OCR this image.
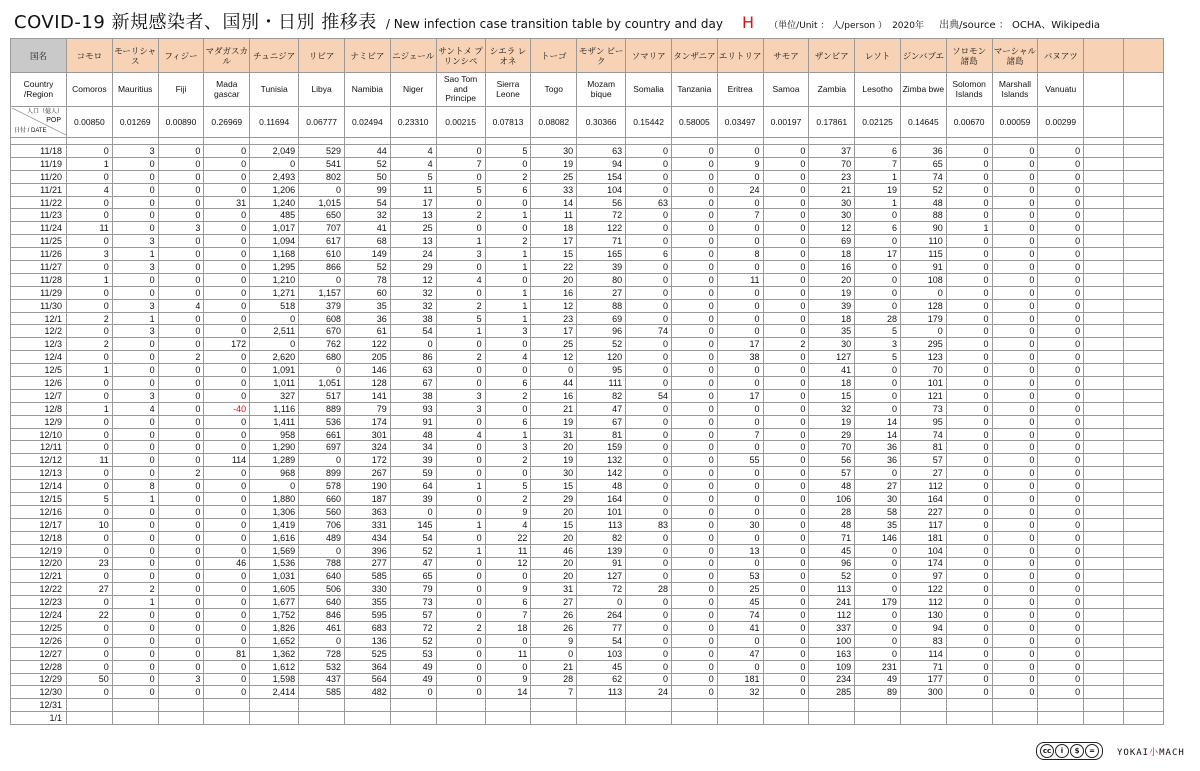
COVID-19 新規感染者、国別・日別 推移表 / New infection case transition table by country and day H （単位/Unit ： 人/person ） 2020年 出典/source ： OCHA、Wikipedia
国名	コモロ	モーリシャス	フィジー	マダガスカル	チュニジア	リビア	ナミビア	ニジェール	サントメ プリンシペ	シエラ レオネ	トーゴ	モザン ビーク	ソマリア	タンザニア	エリトリア	サモア	ザンビア	レソト	ジンバブエ	ソロモン 諸島	マーシャル 諸島	バヌアツ		
Country /Region	Comoros	Mauritius	Fiji	Mada gascar	Tunisia	Libya	Namibia	Niger	Sao Tom and Principe	Sierra Leone	Togo	Mozam bique	Somalia	Tanzania	Eritrea	Samoa	Zambia	Lesotho	Zimba bwe	Solomon Islands	Marshall Islands	Vanuatu		

人口（億人）
POP
日付 / DATE	0.00850	0.01269	0.00890	0.26969	0.11694	0.06777	0.02494	0.23310	0.00215	0.07813	0.08082	0.30366	0.15442	0.58005	0.03497	0.00197	0.17861	0.02125	0.14645	0.00670	0.00059	0.00299		

11/18	0	3	0	0	2,049	529	44	4	0	5	30	63	0	0	0	0	37	6	36	0	0	0		
11/19	1	0	0	0	0	541	52	4	7	0	19	94	0	0	9	0	70	7	65	0	0	0		
11/20	0	0	0	0	2,493	802	50	5	0	2	25	154	0	0	0	0	23	1	74	0	0	0		
11/21	4	0	0	0	1,206	0	99	11	5	6	33	104	0	0	24	0	21	19	52	0	0	0		
11/22	0	0	0	31	1,240	1,015	54	17	0	0	14	56	63	0	0	0	30	1	48	0	0	0		
11/23	0	0	0	0	485	650	32	13	2	1	11	72	0	0	7	0	30	0	88	0	0	0		
11/24	11	0	3	0	1,017	707	41	25	0	0	18	122	0	0	0	0	12	6	90	1	0	0		
11/25	0	3	0	0	1,094	617	68	13	1	2	17	71	0	0	0	0	69	0	110	0	0	0		
11/26	3	1	0	0	1,168	610	149	24	3	1	15	165	6	0	8	0	18	17	115	0	0	0		
11/27	0	3	0	0	1,295	866	52	29	0	1	22	39	0	0	0	0	16	0	91	0	0	0		
11/28	1	0	0	0	1,210	0	78	12	4	0	20	80	0	0	11	0	20	0	108	0	0	0		
11/29	0	0	0	0	1,271	1,157	60	32	0	1	16	27	0	0	0	0	19	0	0	0	0	0		
11/30	0	3	4	0	518	379	35	32	2	1	12	88	0	0	0	0	39	0	128	0	0	0		
12/1	2	1	0	0	0	608	36	38	5	1	23	69	0	0	0	0	18	28	179	0	0	0		
12/2	0	3	0	0	2,511	670	61	54	1	3	17	96	74	0	0	0	35	5	0	0	0	0		
12/3	2	0	0	172	0	762	122	0	0	0	25	52	0	0	17	2	30	3	295	0	0	0		
12/4	0	0	2	0	2,620	680	205	86	2	4	12	120	0	0	38	0	127	5	123	0	0	0		
12/5	1	0	0	0	1,091	0	146	63	0	0	0	95	0	0	0	0	41	0	70	0	0	0		
12/6	0	0	0	0	1,011	1,051	128	67	0	6	44	111	0	0	0	0	18	0	101	0	0	0		
12/7	0	3	0	0	327	517	141	38	3	2	16	82	54	0	17	0	15	0	121	0	0	0		
12/8	1	4	0	-40	1,116	889	79	93	3	0	21	47	0	0	0	0	32	0	73	0	0	0		
12/9	0	0	0	0	1,411	536	174	91	0	6	19	67	0	0	0	0	19	14	95	0	0	0		
12/10	0	0	0	0	958	661	301	48	4	1	31	81	0	0	7	0	29	14	74	0	0	0		
12/11	0	0	0	0	1,290	697	324	34	0	3	20	159	0	0	0	0	70	36	81	0	0	0		
12/12	11	0	0	114	1,289	0	172	39	0	2	19	132	0	0	55	0	56	36	57	0	0	0		
12/13	0	0	2	0	968	899	267	59	0	0	30	142	0	0	0	0	57	0	27	0	0	0		
12/14	0	8	0	0	0	578	190	64	1	5	15	48	0	0	0	0	48	27	112	0	0	0		
12/15	5	1	0	0	1,880	660	187	39	0	2	29	164	0	0	0	0	106	30	164	0	0	0		
12/16	0	0	0	0	1,306	560	363	0	0	9	20	101	0	0	0	0	28	58	227	0	0	0		
12/17	10	0	0	0	1,419	706	331	145	1	4	15	113	83	0	30	0	48	35	117	0	0	0		
12/18	0	0	0	0	1,616	489	434	54	0	22	20	82	0	0	0	0	71	146	181	0	0	0		
12/19	0	0	0	0	1,569	0	396	52	1	11	46	139	0	0	13	0	45	0	104	0	0	0		
12/20	23	0	0	46	1,536	788	277	47	0	12	20	91	0	0	0	0	96	0	174	0	0	0		
12/21	0	0	0	0	1,031	640	585	65	0	0	20	127	0	0	53	0	52	0	97	0	0	0		
12/22	27	2	0	0	1,605	506	330	79	0	9	31	72	28	0	25	0	113	0	122	0	0	0		
12/23	0	1	0	0	1,677	640	355	73	0	6	27	0	0	0	45	0	241	179	112	0	0	0		
12/24	22	0	0	0	1,752	846	595	57	0	7	26	264	0	0	74	0	112	0	130	0	0	0		
12/25	0	0	0	0	1,826	461	683	72	2	18	26	77	0	0	41	0	337	0	94	0	0	0		
12/26	0	0	0	0	1,652	0	136	52	0	0	9	54	0	0	0	0	100	0	83	0	0	0		
12/27	0	0	0	81	1,362	728	525	53	0	11	0	103	0	0	47	0	163	0	114	0	0	0		
12/28	0	0	0	0	1,612	532	364	49	0	0	21	45	0	0	0	0	109	231	71	0	0	0		
12/29	50	0	3	0	1,598	437	564	49	0	9	28	62	0	0	181	0	234	49	177	0	0	0		
12/30	0	0	0	0	2,414	585	482	0	0	14	7	113	24	0	32	0	285	89	300	0	0	0		
12/31																								
1/1																								
cc	i	$	=	YOKAI小MACH
